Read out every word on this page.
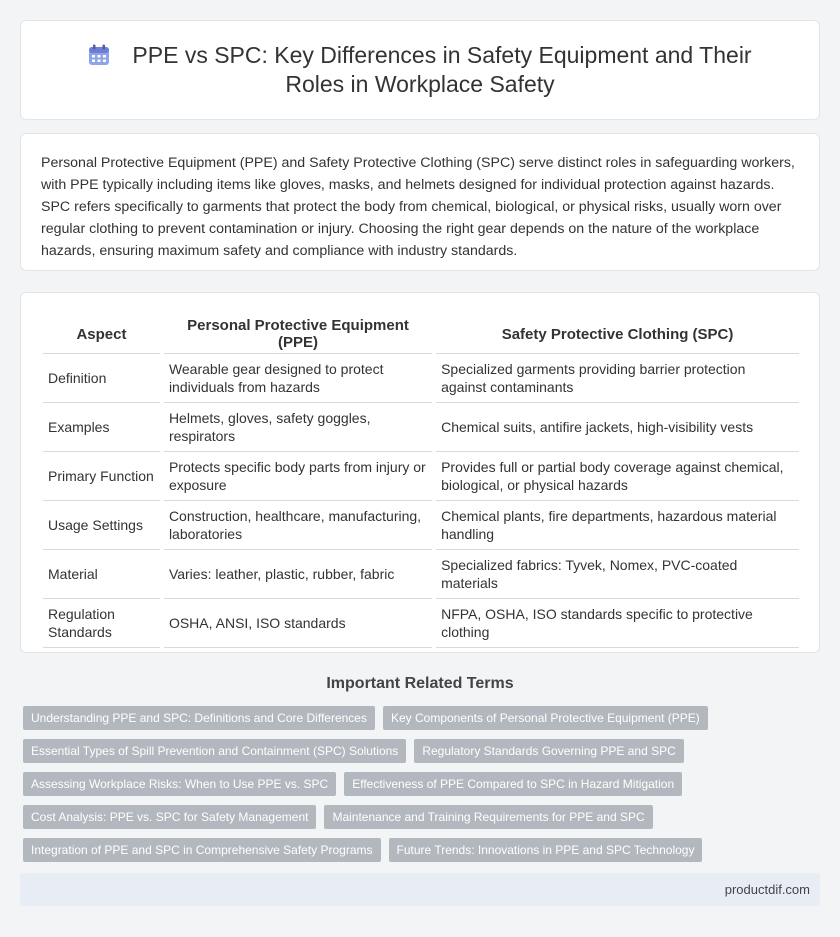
PPE vs SPC: Key Differences in Safety Equipment and Their Roles in Workplace Safety

Personal Protective Equipment (PPE) and Safety Protective Clothing (SPC) serve distinct roles in safeguarding workers, with PPE typically including items like gloves, masks, and helmets designed for individual protection against hazards. SPC refers specifically to garments that protect the body from chemical, biological, or physical risks, usually worn over regular clothing to prevent contamination or injury. Choosing the right gear depends on the nature of the workplace hazards, ensuring maximum safety and compliance with industry standards.

Aspect	Personal Protective Equipment (PPE)	Safety Protective Clothing (SPC)
Definition	Wearable gear designed to protect individuals from hazards	Specialized garments providing barrier protection against contaminants
Examples	Helmets, gloves, safety goggles, respirators	Chemical suits, antifire jackets, high-visibility vests
Primary Function	Protects specific body parts from injury or exposure	Provides full or partial body coverage against chemical, biological, or physical hazards
Usage Settings	Construction, healthcare, manufacturing, laboratories	Chemical plants, fire departments, hazardous material handling
Material	Varies: leather, plastic, rubber, fabric	Specialized fabrics: Tyvek, Nomex, PVC-coated materials
Regulation Standards	OSHA, ANSI, ISO standards	NFPA, OSHA, ISO standards specific to protective clothing
Important Related Terms
Understanding PPE and SPC: Definitions and Core Differences	Key Components of Personal Protective Equipment (PPE)
Essential Types of Spill Prevention and Containment (SPC) Solutions	Regulatory Standards Governing PPE and SPC
Assessing Workplace Risks: When to Use PPE vs. SPC	Effectiveness of PPE Compared to SPC in Hazard Mitigation
Cost Analysis: PPE vs. SPC for Safety Management	Maintenance and Training Requirements for PPE and SPC
Integration of PPE and SPC in Comprehensive Safety Programs	Future Trends: Innovations in PPE and SPC Technology
productdif.com
